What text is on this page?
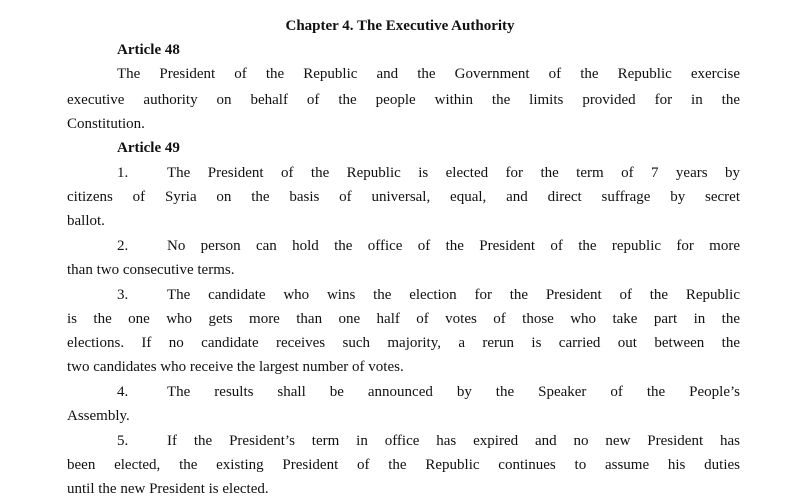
Chapter 4. The Executive Authority
Article 48
The President of the Republic and the Government of the Republic exercise
executive authority on behalf of the people within the limits provided for in the
Constitution.
Article 49
1.	The President of the Republic is elected for the term of 7 years by
citizens of Syria on the basis of universal, equal, and direct suffrage by secret
ballot.
2.	No person can hold the office of the President of the republic for more
than two consecutive terms.
3.	The candidate who wins the election for the President of the Republic
is the one who gets more than one half of votes of those who take part in the
elections. If no candidate receives such majority, a rerun is carried out between the
two candidates who receive the largest number of votes.
4.	The results shall be announced by the Speaker of the People’s
Assembly.
5.	If the President’s term in office has expired and no new President has
been elected, the existing President of the Republic continues to assume his duties
until the new President is elected.
